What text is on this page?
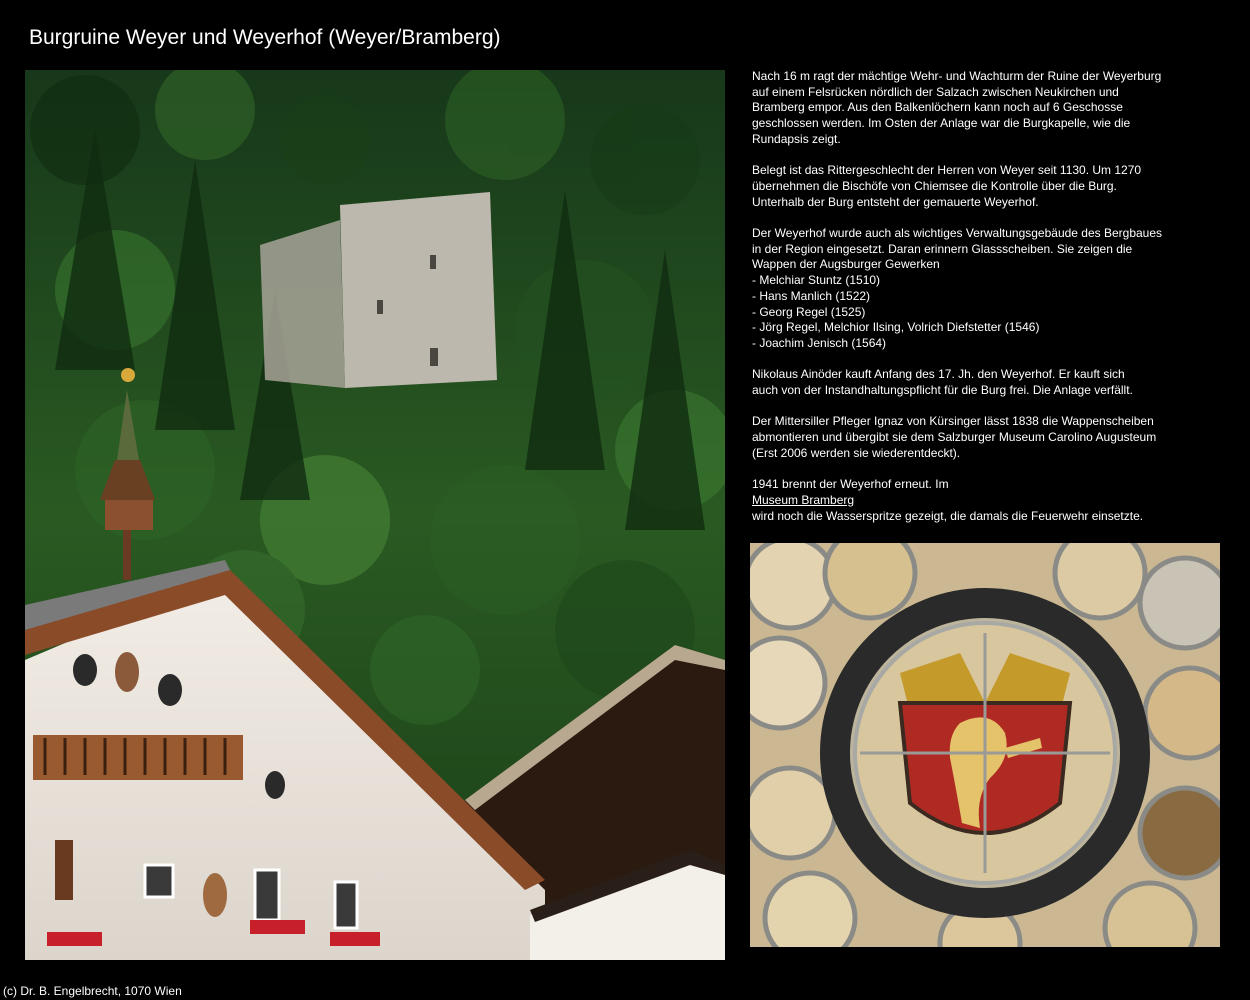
Burgruine Weyer und Weyerhof (Weyer/Bramberg)

Nach 16 m ragt der mächtige Wehr- und Wachturm der Ruine der Weyerburg
auf einem Felsrücken nördlich der Salzach zwischen Neukirchen und
Bramberg empor. Aus den Balkenlöchern kann noch auf 6 Geschosse
geschlossen werden. Im Osten der Anlage war die Burgkapelle, wie die
Rundapsis zeigt.

Belegt ist das Rittergeschlecht der Herren von Weyer seit 1130. Um 1270
übernehmen die Bischöfe von Chiemsee die Kontrolle über die Burg.
Unterhalb der Burg entsteht der gemauerte Weyerhof.

Der Weyerhof wurde auch als wichtiges Verwaltungsgebäude des Bergbaues
in der Region eingesetzt. Daran erinnern Glassscheiben. Sie zeigen die
Wappen der Augsburger Gewerken
- Melchiar Stuntz (1510)
- Hans Manlich (1522)
- Georg Regel (1525)
- Jörg Regel, Melchior Ilsing, Volrich Diefstetter (1546)
- Joachim Jenisch (1564)

Nikolaus Ainöder kauft Anfang des 17. Jh. den Weyerhof. Er kauft sich
auch von der Instandhaltungspflicht für die Burg frei. Die Anlage verfällt.

Der Mittersiller Pfleger Ignaz von Kürsinger lässt 1838 die Wappenscheiben
abmontieren und übergibt sie dem Salzburger Museum Carolino Augusteum
(Erst 2006 werden sie wiederentdeckt).

1941 brennt der Weyerhof erneut. Im
Museum Bramberg
wird noch die Wasserspritze gezeigt, die damals die Feuerwehr einsetzte.

(c) Dr. B. Engelbrecht, 1070 Wien
